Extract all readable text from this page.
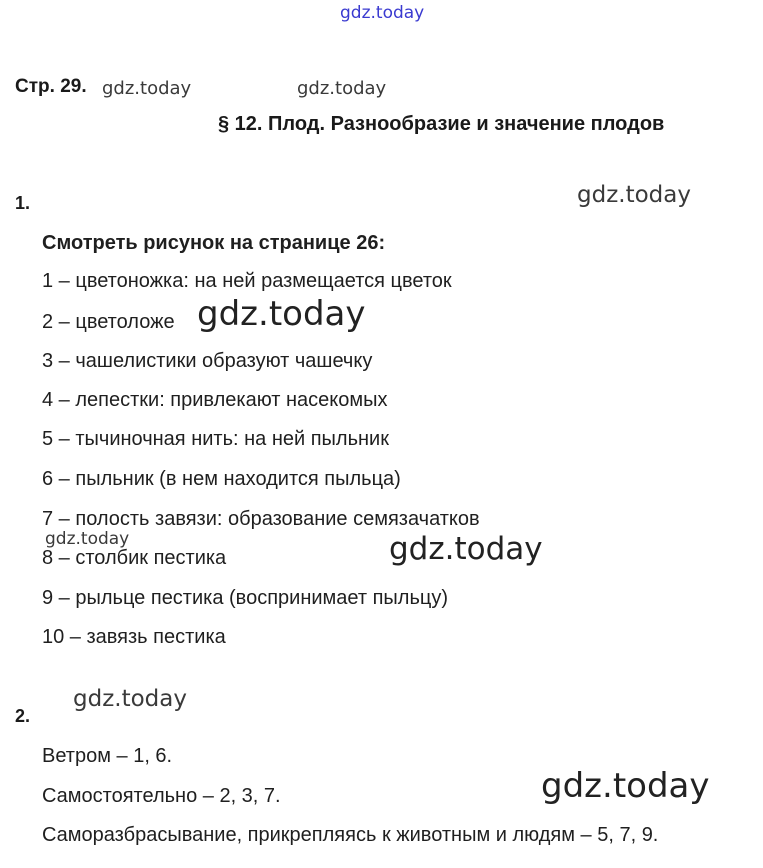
gdz.today
gdz.today	gdz.today
gdz.today
gdz.today
gdz.today	gdz.today
gdz.today
gdz.today
Стр. 29.
§ 12. Плод. Разнообразие и значение плодов
1.
Смотреть рисунок на странице 26:
1 – цветоножка: на ней размещается цветок
2 – цветоложе
3 – чашелистики образуют чашечку
4 – лепестки: привлекают насекомых
5 – тычиночная нить: на ней пыльник
6 – пыльник (в нем находится пыльца)
7 – полость завязи: образование семязачатков
8 – столбик пестика
9 – рыльце пестика (воспринимает пыльцу)
10 – завязь пестика
2.
Ветром – 1, 6.
Самостоятельно – 2, 3, 7.
Саморазбрасывание, прикрепляясь к животным и людям – 5, 7, 9.
